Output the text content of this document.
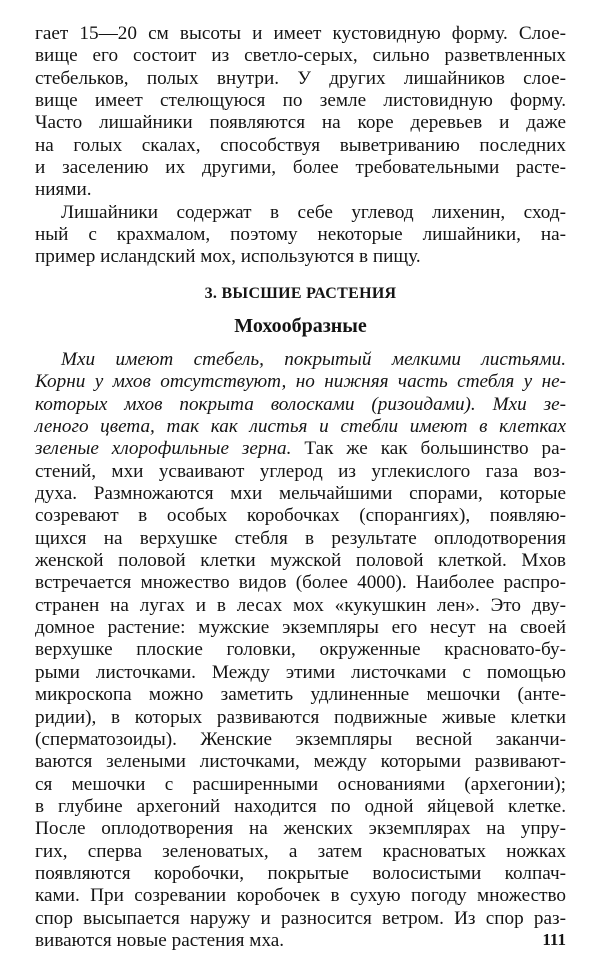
гает 15—20 см высоты и имеет кустовидную форму. Слое-
вище его состоит из светло-серых, сильно разветвленных
стебельков, полых внутри. У других лишайников слое-
вище имеет стелющуюся по земле листовидную форму.
Часто лишайники появляются на коре деревьев и даже
на голых скалах, способствуя выветриванию последних
и заселению их другими, более требовательными расте-
ниями.
Лишайники содержат в себе углевод лихенин, сход-
ный с крахмалом, поэтому некоторые лишайники, на-
пример исландский мох, используются в пищу.
3. ВЫСШИЕ РАСТЕНИЯ
Мохообразные
Мхи имеют стебель, покрытый мелкими листьями.
Корни у мхов отсутствуют, но нижняя часть стебля у не-
которых мхов покрыта волосками (ризоидами). Мхи зе-
леного цвета, так как листья и стебли имеют в клетках
зеленые хлорофильные зерна. Так же как большинство ра-
стений, мхи усваивают углерод из углекислого газа воз-
духа. Размножаются мхи мельчайшими спорами, которые
созревают в особых коробочках (спорангиях), появляю-
щихся на верхушке стебля в результате оплодотворения
женской половой клетки мужской половой клеткой. Мхов
встречается множество видов (более 4000). Наиболее распро-
странен на лугах и в лесах мох «кукушкин лен». Это дву-
домное растение: мужские экземпляры его несут на своей
верхушке плоские головки, окруженные красновато-бу-
рыми листочками. Между этими листочками с помощью
микроскопа можно заметить удлиненные мешочки (анте-
ридии), в которых развиваются подвижные живые клетки
(сперматозоиды). Женские экземпляры весной заканчи-
ваются зелеными листочками, между которыми развивают-
ся мешочки с расширенными основаниями (архегонии);
в глубине архегоний находится по одной яйцевой клетке.
После оплодотворения на женских экземплярах на упру-
гих, сперва зеленоватых, а затем красноватых ножках
появляются коробочки, покрытые волосистыми колпач-
ками. При созревании коробочек в сухую погоду множество
спор высыпается наружу и разносится ветром. Из спор раз-
виваются новые растения мха.	111
